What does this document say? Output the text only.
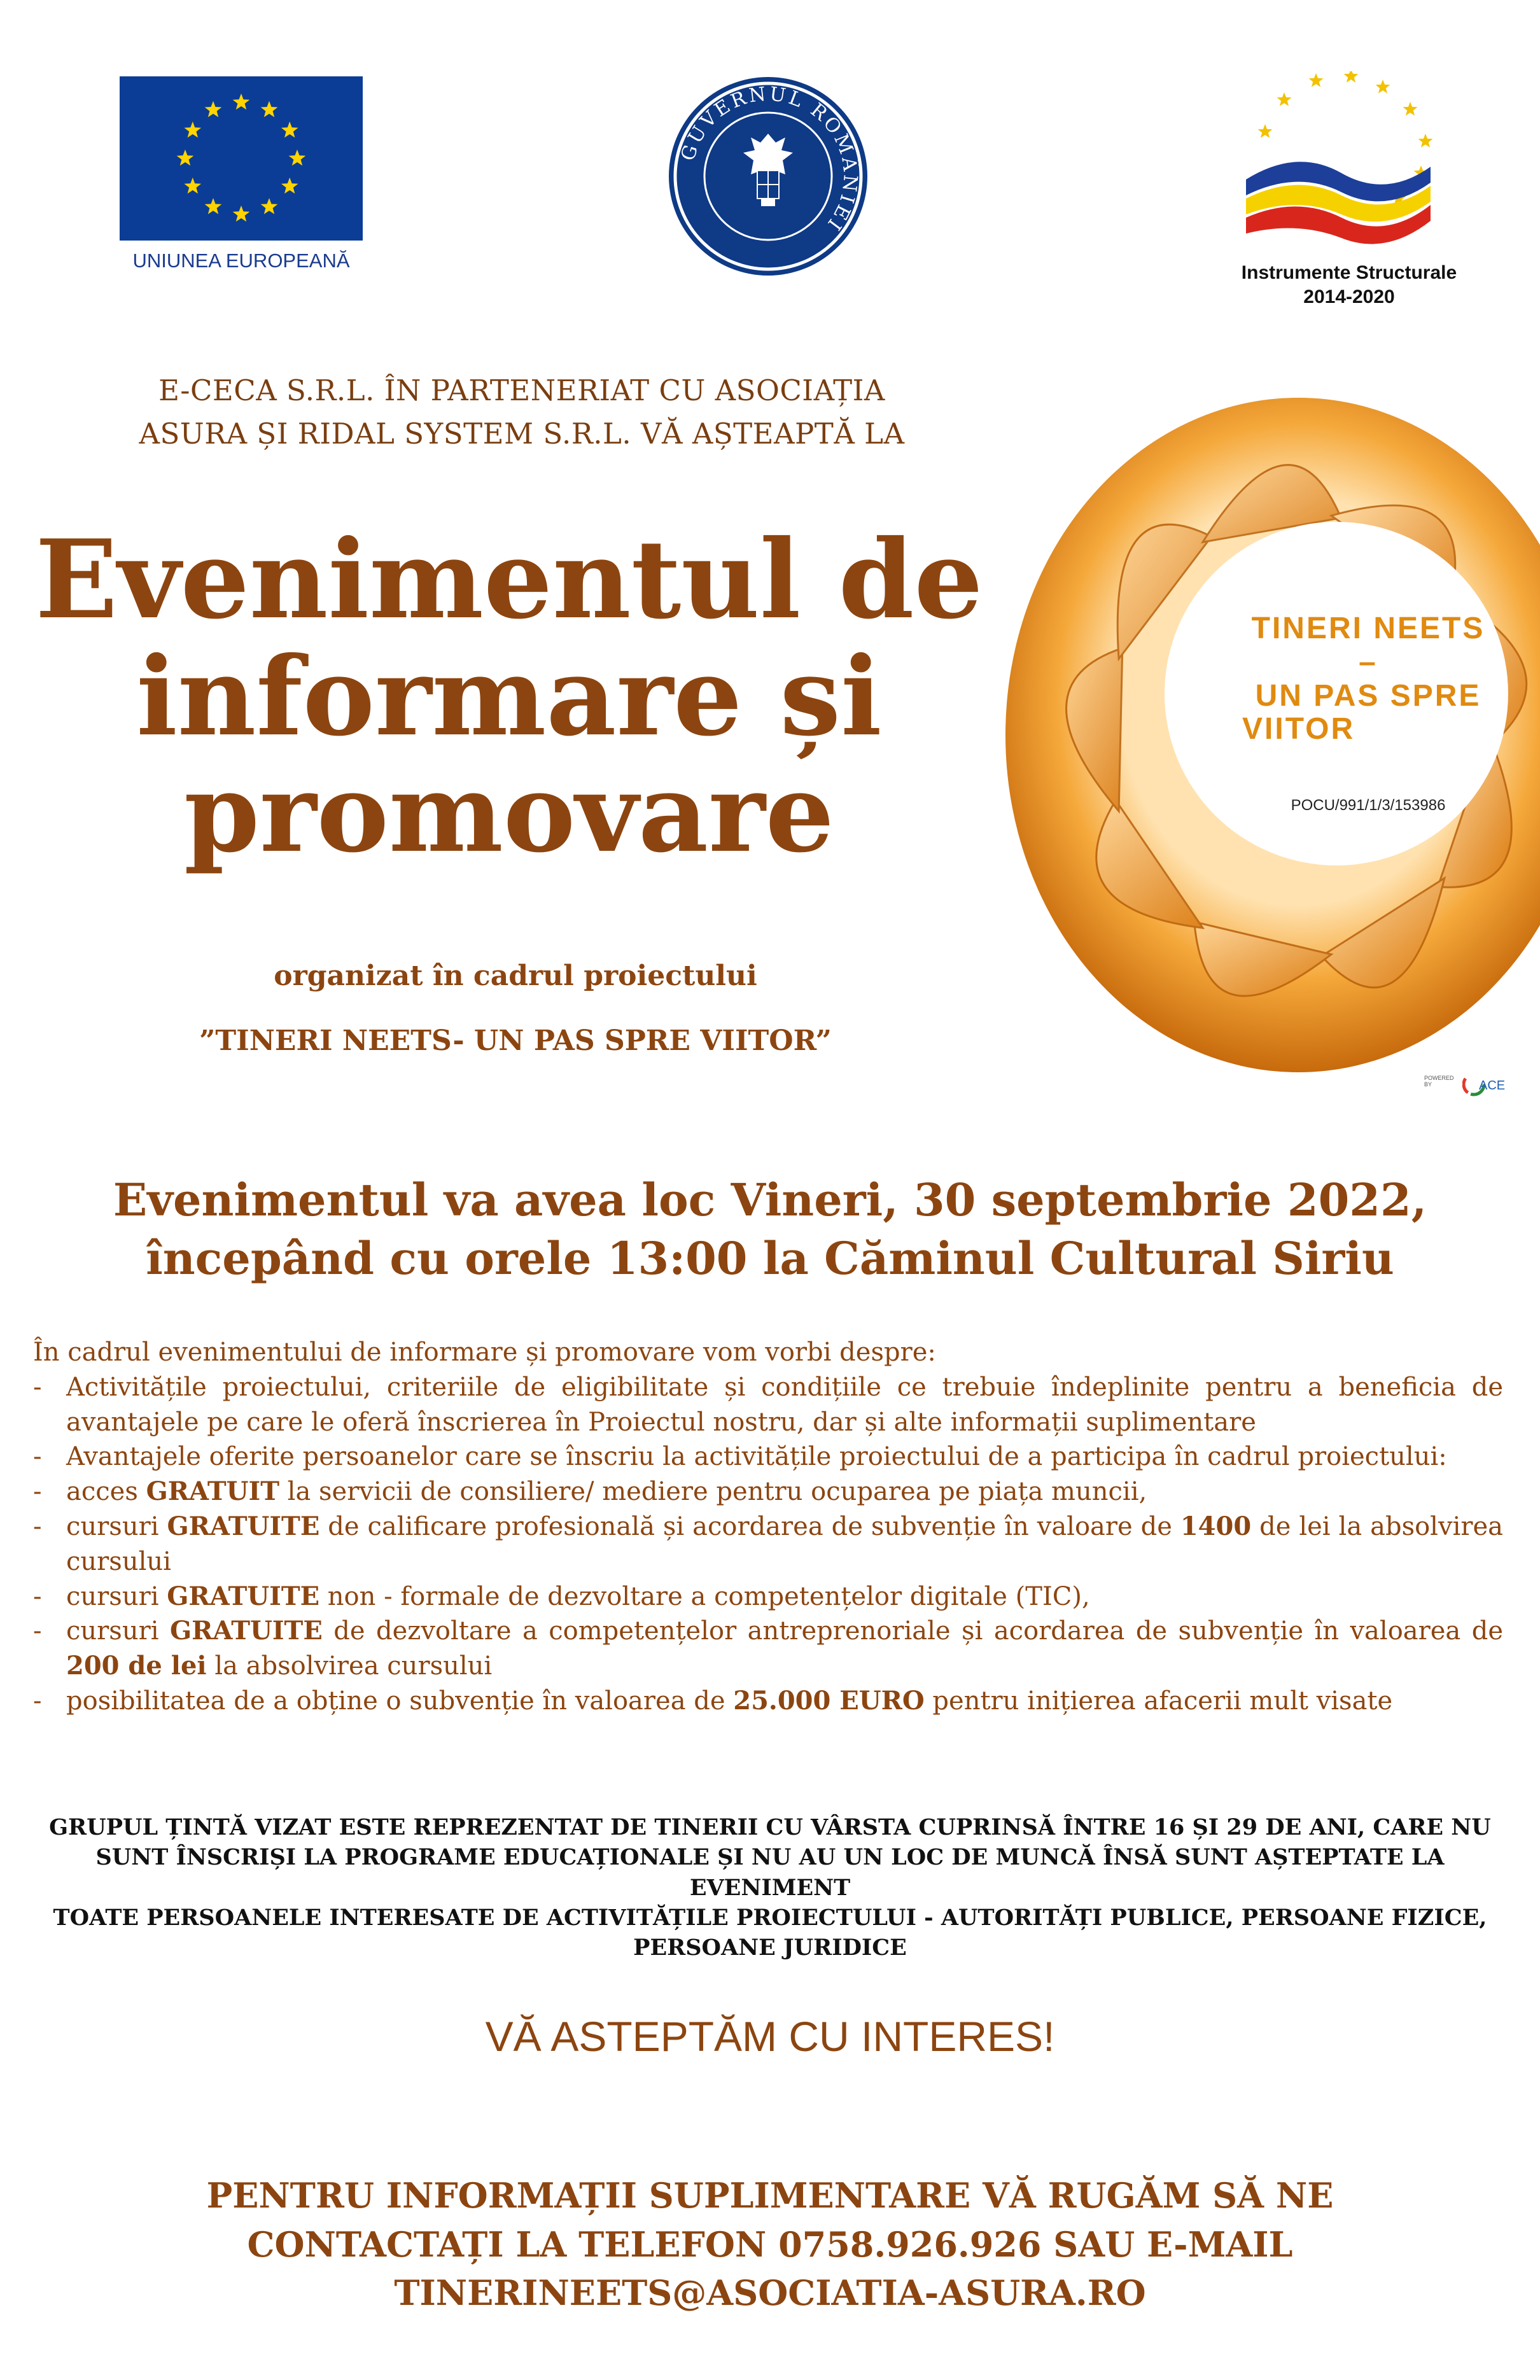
UNIUNEA EUROPEANĂ
GUVERNUL ROMÂNIEI
Instrumente Structurale
2014-2020
E-CECA S.R.L. ÎN PARTENERIAT CU ASOCIAȚIA
ASURA ȘI RIDAL SYSTEM S.R.L. VĂ AȘTEAPTĂ LA
Evenimentul de
informare și
promovare
organizat în cadrul proiectului
”TINERI NEETS- UN PAS SPRE VIITOR”
TINERI NEETS
–
UN PAS SPRE
VIITOR
POCU/991/1/3/153986
POWERED
BY	ACE
Evenimentul va avea loc Vineri, 30 septembrie 2022,
începând cu orele 13:00 la Căminul Cultural Siriu

În cadrul evenimentului de informare și promovare vom vorbi despre:

- Activitățile proiectului, criteriile de eligibilitate și condițiile ce trebuie îndeplinite pentru a beneficia de avantajele pe care le oferă înscrierea în Proiectul nostru, dar și alte informații suplimentare

- Avantajele oferite persoanelor care se înscriu la activitățile proiectului de a participa în cadrul proiectului:

- acces GRATUIT la servicii de consiliere/ mediere pentru ocuparea pe piața muncii,

- cursuri GRATUITE de calificare profesională și acordarea de subvenție în valoare de 1400 de lei la absolvirea cursului

- cursuri GRATUITE non - formale de dezvoltare a competențelor digitale (TIC),

- cursuri GRATUITE de dezvoltare a competențelor antreprenoriale și acordarea de subvenție în valoarea de 200 de lei la absolvirea cursului

- posibilitatea de a obține o subvenție în valoarea de 25.000 EURO pentru inițierea afacerii mult visate

GRUPUL ȚINTĂ VIZAT ESTE REPREZENTAT DE TINERII CU VÂRSTA CUPRINSĂ ÎNTRE 16 ȘI 29 DE ANI, CARE NU
SUNT ÎNSCRIȘI LA PROGRAME EDUCAȚIONALE ȘI NU AU UN LOC DE MUNCĂ ÎNSĂ SUNT AȘTEPTATE LA EVENIMENT
TOATE PERSOANELE INTERESATE DE ACTIVITĂȚILE PROIECTULUI - AUTORITĂȚI PUBLICE, PERSOANE FIZICE,
PERSOANE JURIDICE
VĂ ASTEPTĂM CU INTERES!
PENTRU INFORMAȚII SUPLIMENTARE VĂ RUGĂM SĂ NE
CONTACTAȚI LA TELEFON 0758.926.926 SAU E-MAIL
TINERINEETS@ASOCIATIA-ASURA.RO
